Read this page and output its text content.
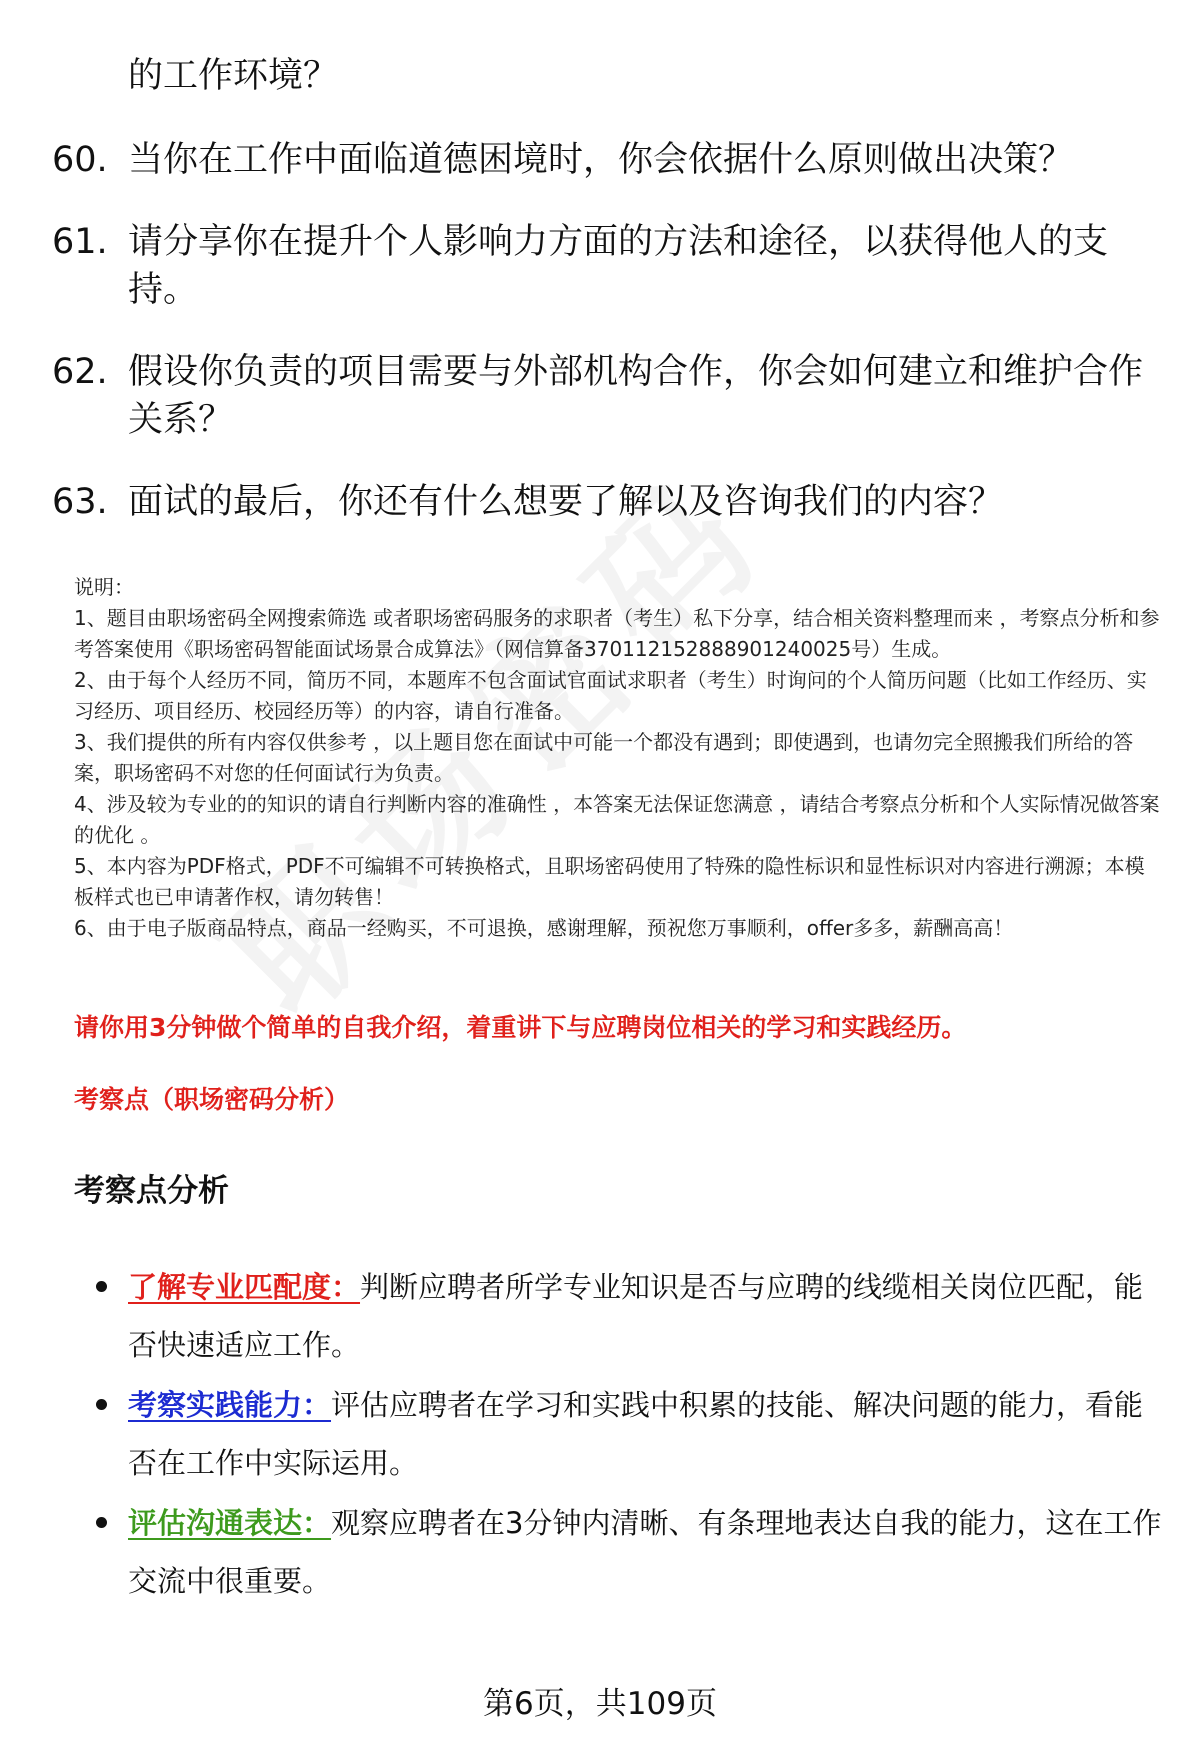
的工作环境？
60. 当你在工作中面临道德困境时，你会依据什么原则做出决策？
61. 请分享你在提升个人影响力方面的方法和途径，以获得他人的支持。
62. 假设你负责的项目需要与外部机构合作，你会如何建立和维护合作关系？
63. 面试的最后，你还有什么想要了解以及咨询我们的内容？

说明：

1、题目由职场密码全网搜索筛选 或者职场密码服务的求职者（考生）私下分享，结合相关资料整理而来 ，考察点分析和参考答案使用《职场密码智能面试场景合成算法》（网信算备370112152888901240025号）生成。

2、由于每个人经历不同，简历不同，本题库不包含面试官面试求职者（考生）时询问的个人简历问题（比如工作经历、实习经历、项目经历、校园经历等）的内容，请自行准备。

3、我们提供的所有内容仅供参考 ，以上题目您在面试中可能一个都没有遇到；即使遇到，也请勿完全照搬我们所给的答案，职场密码不对您的任何面试行为负责。

4、涉及较为专业的的知识的请自行判断内容的准确性 ，本答案无法保证您满意 ，请结合考察点分析和个人实际情况做答案的优化 。

5、本内容为PDF格式，PDF不可编辑不可转换格式，且职场密码使用了特殊的隐性标识和显性标识对内容进行溯源；本模板样式也已申请著作权，请勿转售！

6、由于电子版商品特点，商品一经购买，不可退换，感谢理解，预祝您万事顺利，offer多多，薪酬高高！

请你用3分钟做个简单的自我介绍，着重讲下与应聘岗位相关的学习和实践经历。
考察点（职场密码分析）
考察点分析
了解专业匹配度：判断应聘者所学专业知识是否与应聘的线缆相关岗位匹配，能否快速适应工作。
考察实践能力：评估应聘者在学习和实践中积累的技能、解决问题的能力，看能否在工作中实际运用。
评估沟通表达：观察应聘者在3分钟内清晰、有条理地表达自我的能力，这在工作交流中很重要。
第6页，共109页
